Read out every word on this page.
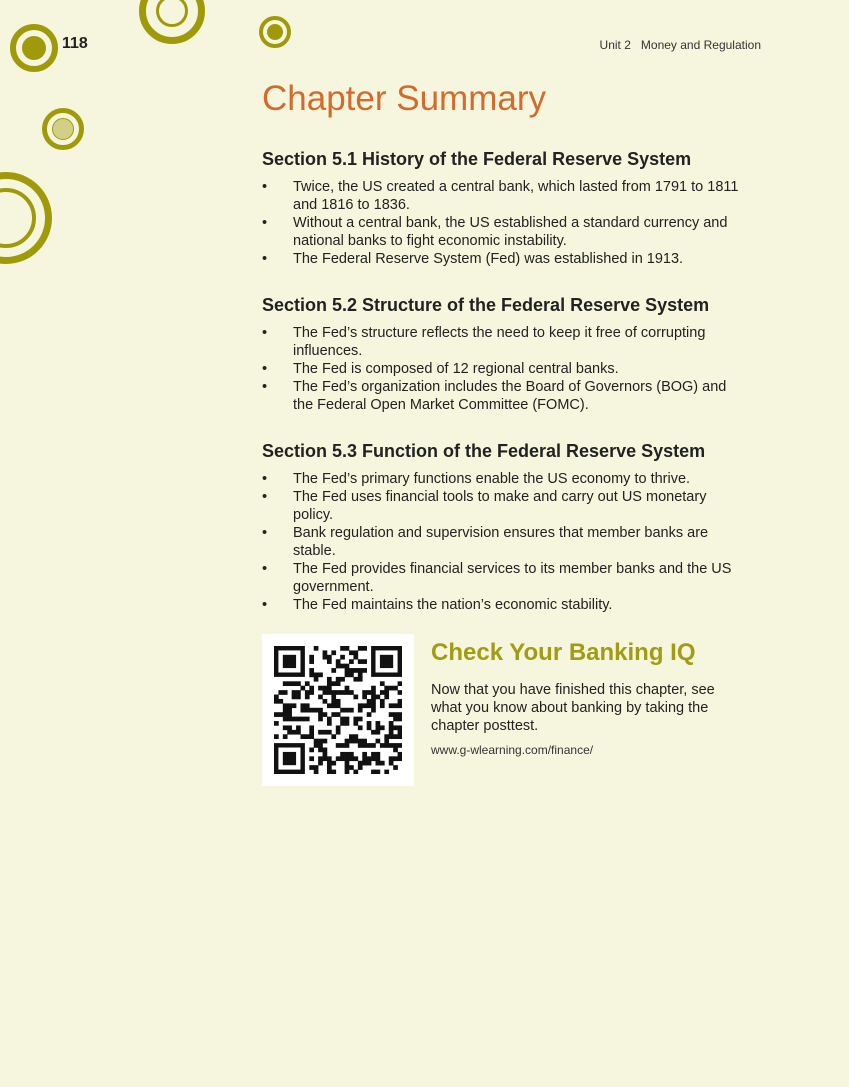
118	Unit 2 Money and Regulation
Chapter Summary
Section 5.1 History of the Federal Reserve System
• Twice, the US created a central bank, which lasted from 1791 to 1811
and 1816 to 1836.
• Without a central bank, the US established a standard currency and
national banks to fight economic instability.
• The Federal Reserve System (Fed) was established in 1913.
Section 5.2 Structure of the Federal Reserve System
• The Fed’s structure reflects the need to keep it free of corrupting
influences.
• The Fed is composed of 12 regional central banks.
• The Fed’s organization includes the Board of Governors (BOG) and
the Federal Open Market Committee (FOMC).
Section 5.3 Function of the Federal Reserve System
• The Fed’s primary functions enable the US economy to thrive.
• The Fed uses financial tools to make and carry out US monetary
policy.
• Bank regulation and supervision ensures that member banks are
stable.
• The Fed provides financial services to its member banks and the US
government.
• The Fed maintains the nation’s economic stability.
Check Your Banking IQ

Now that you have finished this chapter, see
what you know about banking by taking the
chapter posttest.

www.g-wlearning.com/finance/
